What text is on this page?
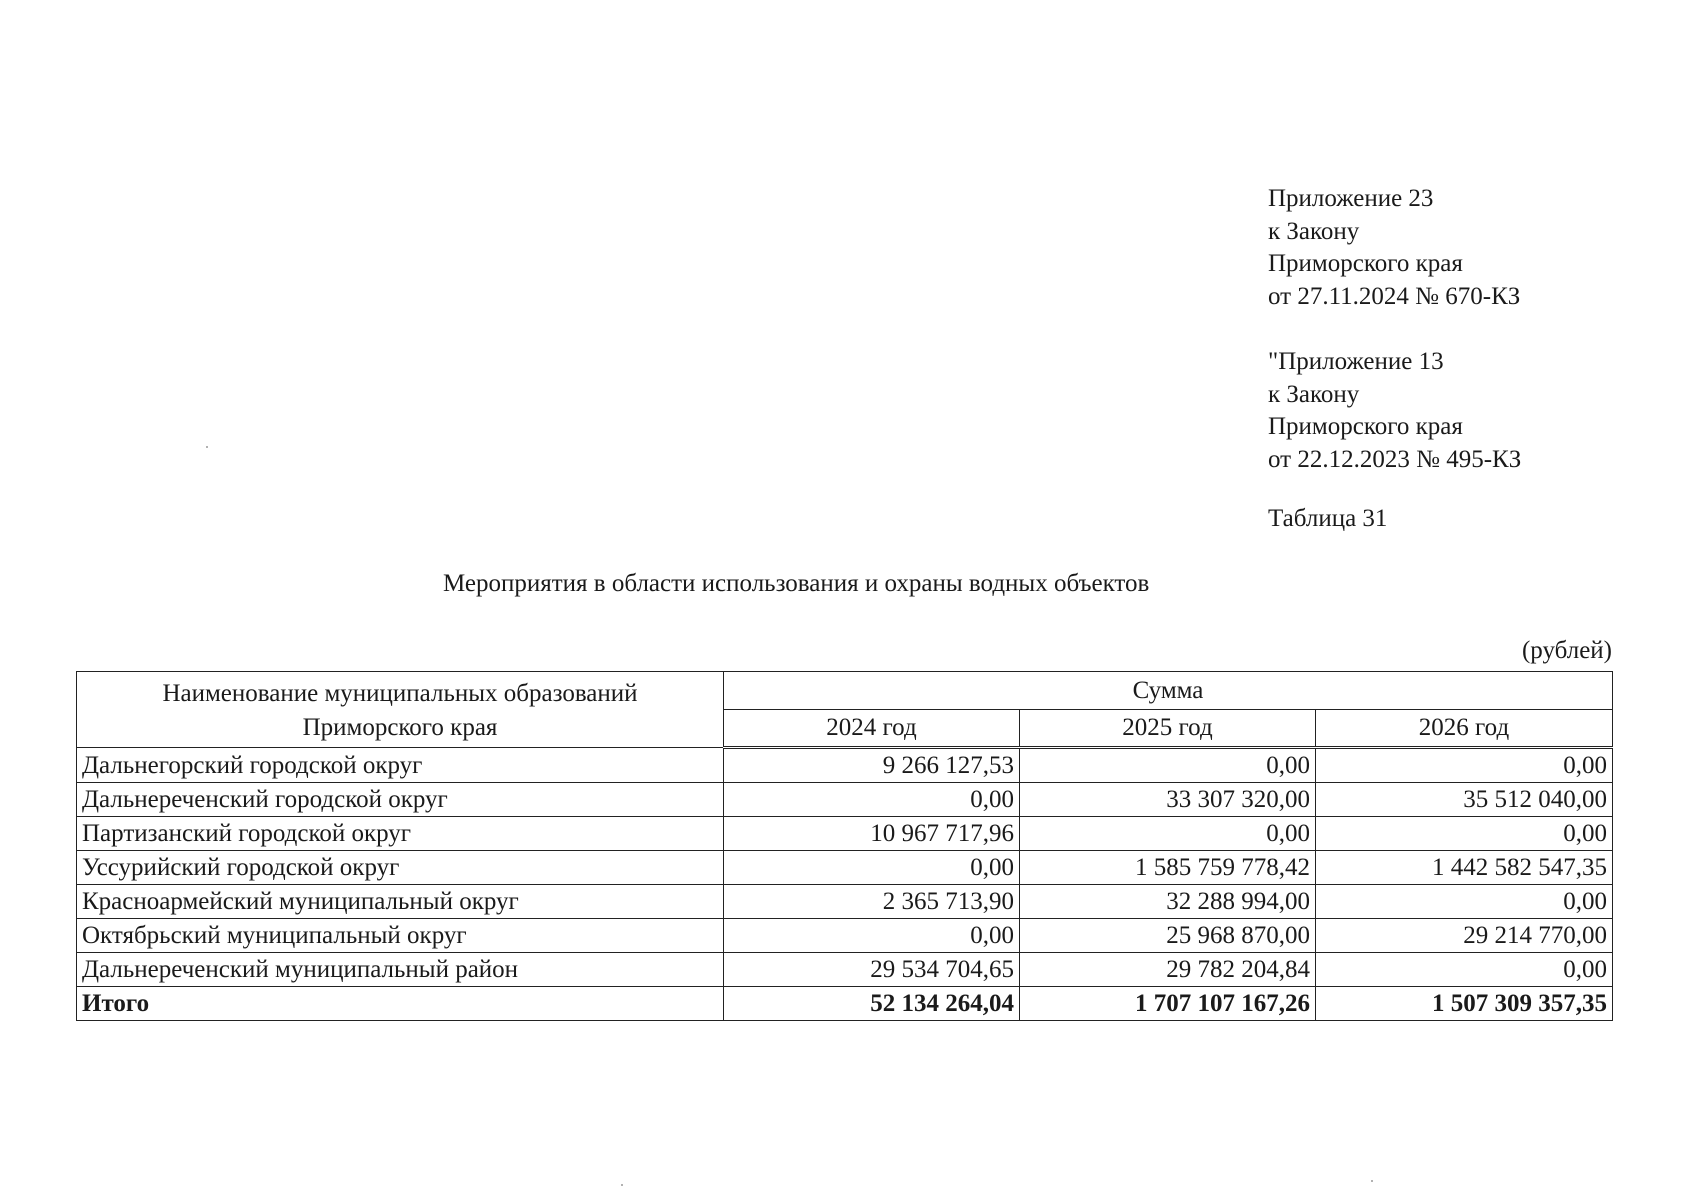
Приложение 23
к Закону
Приморского края
от 27.11.2024 № 670-КЗ
"Приложение 13
к Закону
Приморского края
от 22.12.2023 № 495-КЗ
Таблица 31
Мероприятия в области использования и охраны водных объектов
(рублей)
Наименование муниципальных образований
Приморского края	Сумма		
	2024 год	2025 год	2026 год
Дальнегорский городской округ	9 266 127,53	0,00	0,00
Дальнереченский городской округ	0,00	33 307 320,00	35 512 040,00
Партизанский городской округ	10 967 717,96	0,00	0,00
Уссурийский городской округ	0,00	1 585 759 778,42	1 442 582 547,35
Красноармейский муниципальный округ	2 365 713,90	32 288 994,00	0,00
Октябрьский муниципальный округ	0,00	25 968 870,00	29 214 770,00
Дальнереченский муниципальный район	29 534 704,65	29 782 204,84	0,00
Итого	52 134 264,04	1 707 107 167,26	1 507 309 357,35
